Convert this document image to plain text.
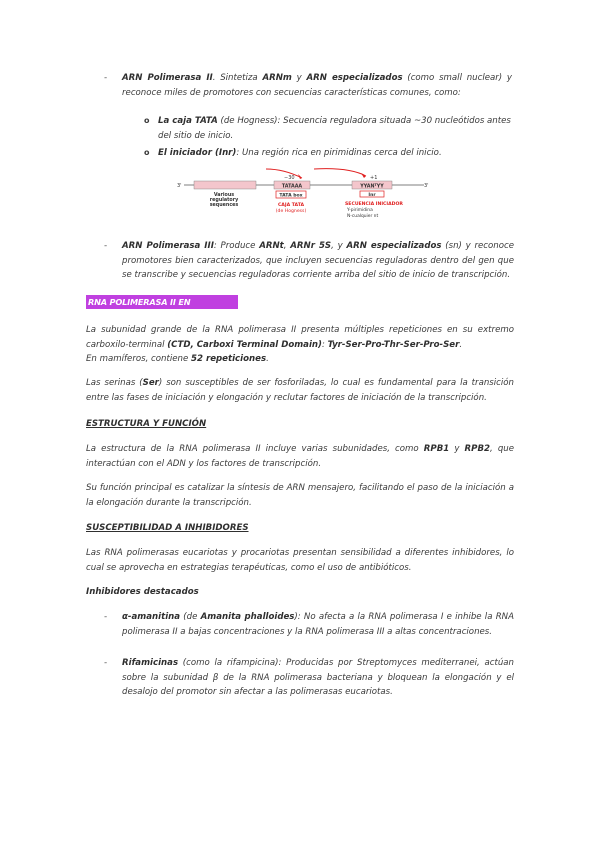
-	ARN Polimerasa II. Sintetiza ARNm y ARN especializados (como small nuclear) y reconoce miles de promotores con secuencias características comunes, como:
o La caja TATA (de Hogness): Secuencia reguladora situada ~30 nucleótidos antes del sitio de inicio.
o El iniciador (Inr): Una región rica en pirimidinas cerca del inicio.
3'	3'
Various regulatory sequences
−30	+1
TATAAA	$YYAN^TYY$
TATA box	Inr
CAJA TATA
(de Hogness)
SECUENCIA INICIADOR
Y-pirimidina
N-cualquier nt
-	ARN Polimerasa III: Produce ARNt, ARNr 5S, y ARN especializados (sn) y reconoce promotores bien caracterizados, que incluyen secuencias reguladoras dentro del gen que se transcribe y secuencias reguladoras corriente arriba del sitio de inicio de transcripción.
RNA POLIMERASA II EN EUCARIOTAS
La subunidad grande de la RNA polimerasa II presenta múltiples repeticiones en su extremo carboxilo-terminal (CTD, Carboxi Terminal Domain): Tyr-Ser-Pro-Thr-Ser-Pro-Ser.
En mamíferos, contiene 52 repeticiones.
Las serinas (Ser) son susceptibles de ser fosforiladas, lo cual es fundamental para la transición entre las fases de iniciación y elongación y reclutar factores de iniciación de la transcripción.
ESTRUCTURA Y FUNCIÓN
La estructura de la RNA polimerasa II incluye varias subunidades, como RPB1 y RPB2, que interactúan con el ADN y los factores de transcripción.
Su función principal es catalizar la síntesis de ARN mensajero, facilitando el paso de la iniciación a la elongación durante la transcripción.
SUSCEPTIBILIDAD A INHIBIDORES
Las RNA polimerasas eucariotas y procariotas presentan sensibilidad a diferentes inhibidores, lo cual se aprovecha en estrategias terapéuticas, como el uso de antibióticos.
Inhibidores destacados
-	α-amanitina (de Amanita phalloides): No afecta a la RNA polimerasa I e inhibe la RNA polimerasa II a bajas concentraciones y la RNA polimerasa III a altas concentraciones.
-	Rifamicinas (como la rifampicina): Producidas por Streptomyces mediterranei, actúan sobre la subunidad β de la RNA polimerasa bacteriana y bloquean la elongación y el desalojo del promotor sin afectar a las polimerasas eucariotas.
